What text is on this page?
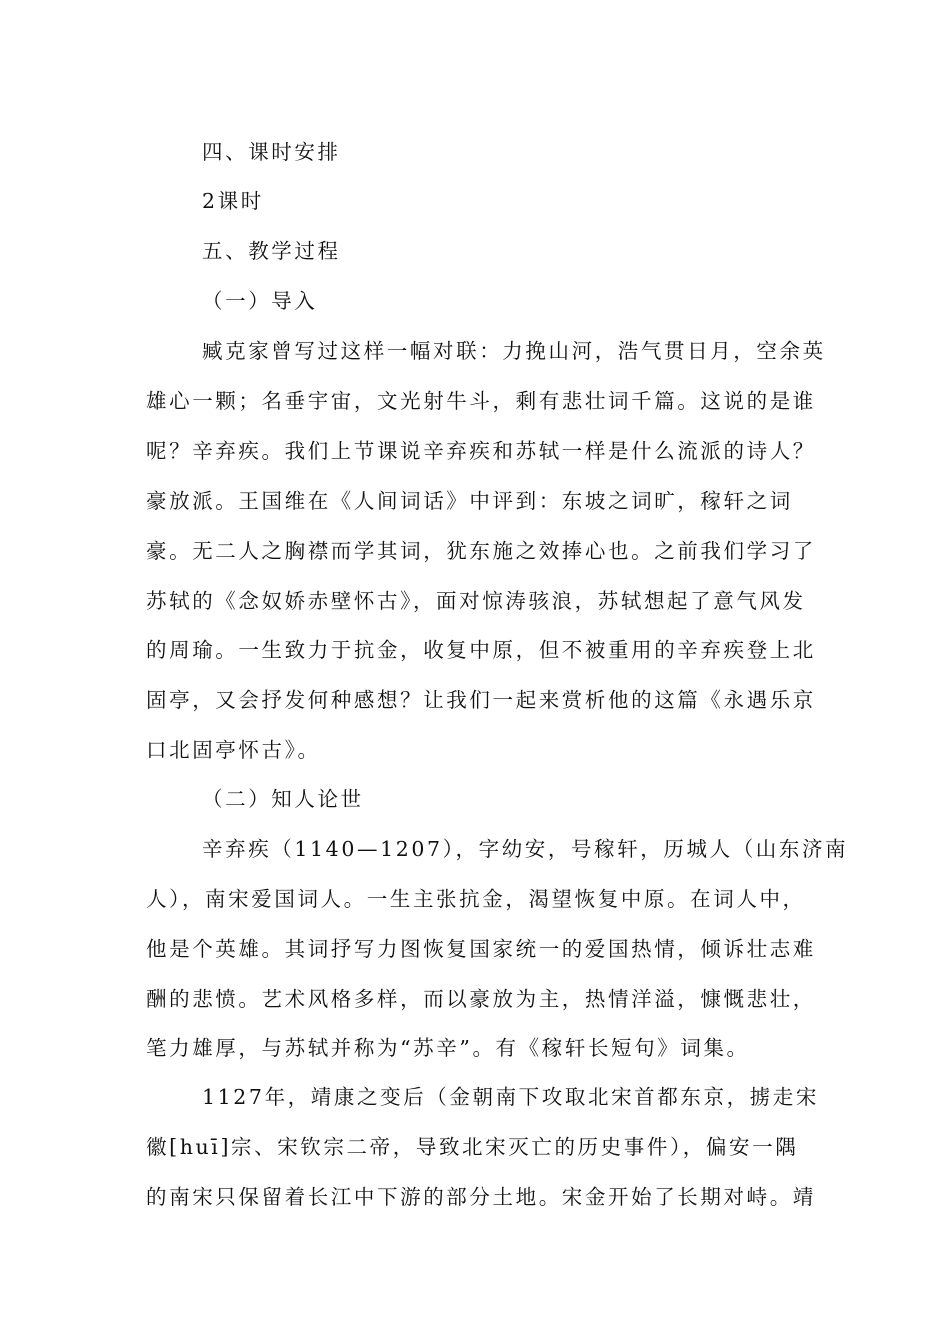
四、课时安排
2课时
五、教学过程
（一）导入
臧克家曾写过这样一幅对联：力挽山河，浩气贯日月，空余英
雄心一颗；名垂宇宙，文光射牛斗，剩有悲壮词千篇。这说的是谁
呢？辛弃疾。我们上节课说辛弃疾和苏轼一样是什么流派的诗人？
豪放派。王国维在《人间词话》中评到：东坡之词旷，稼轩之词
豪。无二人之胸襟而学其词，犹东施之效捧心也。之前我们学习了
苏轼的《念奴娇赤壁怀古》，面对惊涛骇浪，苏轼想起了意气风发
的周瑜。一生致力于抗金，收复中原，但不被重用的辛弃疾登上北
固亭，又会抒发何种感想？让我们一起来赏析他的这篇《永遇乐京
口北固亭怀古》。
（二）知人论世
辛弃疾（1140—1207），字幼安，号稼轩，历城人（山东济南
人），南宋爱国词人。一生主张抗金，渴望恢复中原。在词人中，
他是个英雄。其词抒写力图恢复国家统一的爱国热情，倾诉壮志难
酬的悲愤。艺术风格多样，而以豪放为主，热情洋溢，慷慨悲壮，
笔力雄厚，与苏轼并称为“苏辛”。有《稼轩长短句》词集。
1127年，靖康之变后（金朝南下攻取北宋首都东京，掳走宋
徽[huī]宗、宋钦宗二帝，导致北宋灭亡的历史事件），偏安一隅
的南宋只保留着长江中下游的部分土地。宋金开始了长期对峙。靖
